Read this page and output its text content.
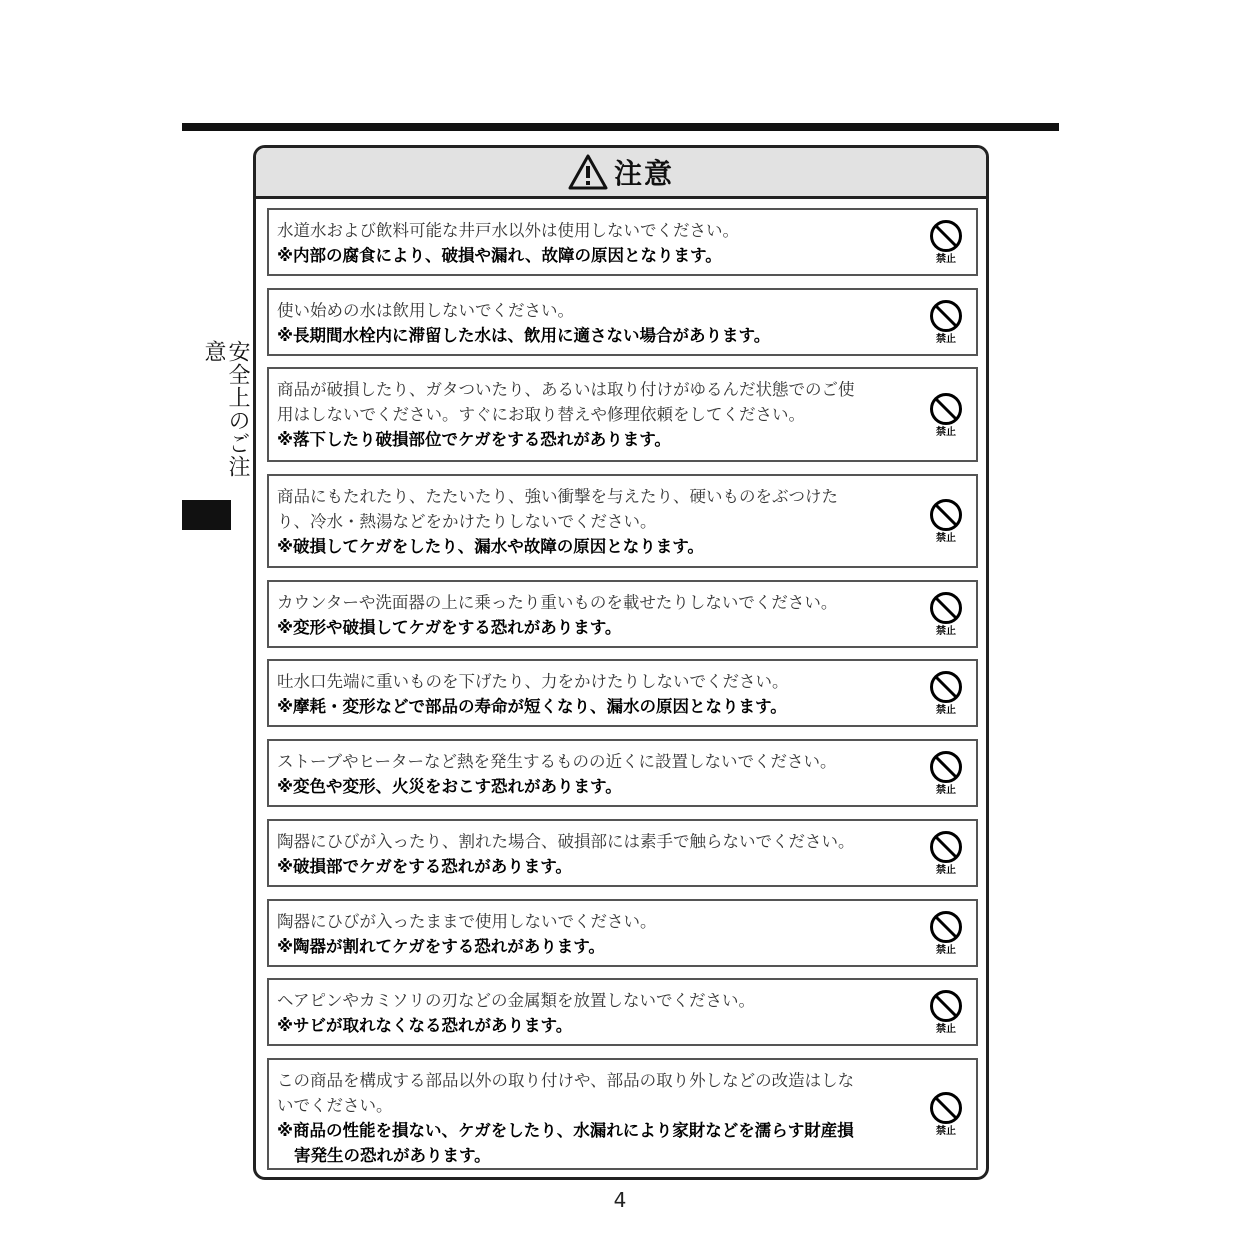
安全上のご注意
注意
水道水および飲料可能な井戸水以外は使用しないでください。
※内部の腐食により、破損や漏れ、故障の原因となります。	禁止
使い始めの水は飲用しないでください。
※長期間水栓内に滞留した水は、飲用に適さない場合があります。	禁止
商品が破損したり、ガタついたり、あるいは取り付けがゆるんだ状態でのご使
用はしないでください。すぐにお取り替えや修理依頼をしてください。
※落下したり破損部位でケガをする恐れがあります。	禁止
商品にもたれたり、たたいたり、強い衝撃を与えたり、硬いものをぶつけた
り、冷水・熱湯などをかけたりしないでください。
※破損してケガをしたり、漏水や故障の原因となります。	禁止
カウンターや洗面器の上に乗ったり重いものを載せたりしないでください。
※変形や破損してケガをする恐れがあります。	禁止
吐水口先端に重いものを下げたり、力をかけたりしないでください。
※摩耗・変形などで部品の寿命が短くなり、漏水の原因となります。	禁止
ストーブやヒーターなど熱を発生するものの近くに設置しないでください。
※変色や変形、火災をおこす恐れがあります。	禁止
陶器にひびが入ったり、割れた場合、破損部には素手で触らないでください。
※破損部でケガをする恐れがあります。	禁止
陶器にひびが入ったままで使用しないでください。
※陶器が割れてケガをする恐れがあります。	禁止
ヘアピンやカミソリの刃などの金属類を放置しないでください。
※サビが取れなくなる恐れがあります。	禁止
この商品を構成する部品以外の取り付けや、部品の取り外しなどの改造はしな
いでください。
※商品の性能を損ない、ケガをしたり、水漏れにより家財などを濡らす財産損
害発生の恐れがあります。
禁止
4
